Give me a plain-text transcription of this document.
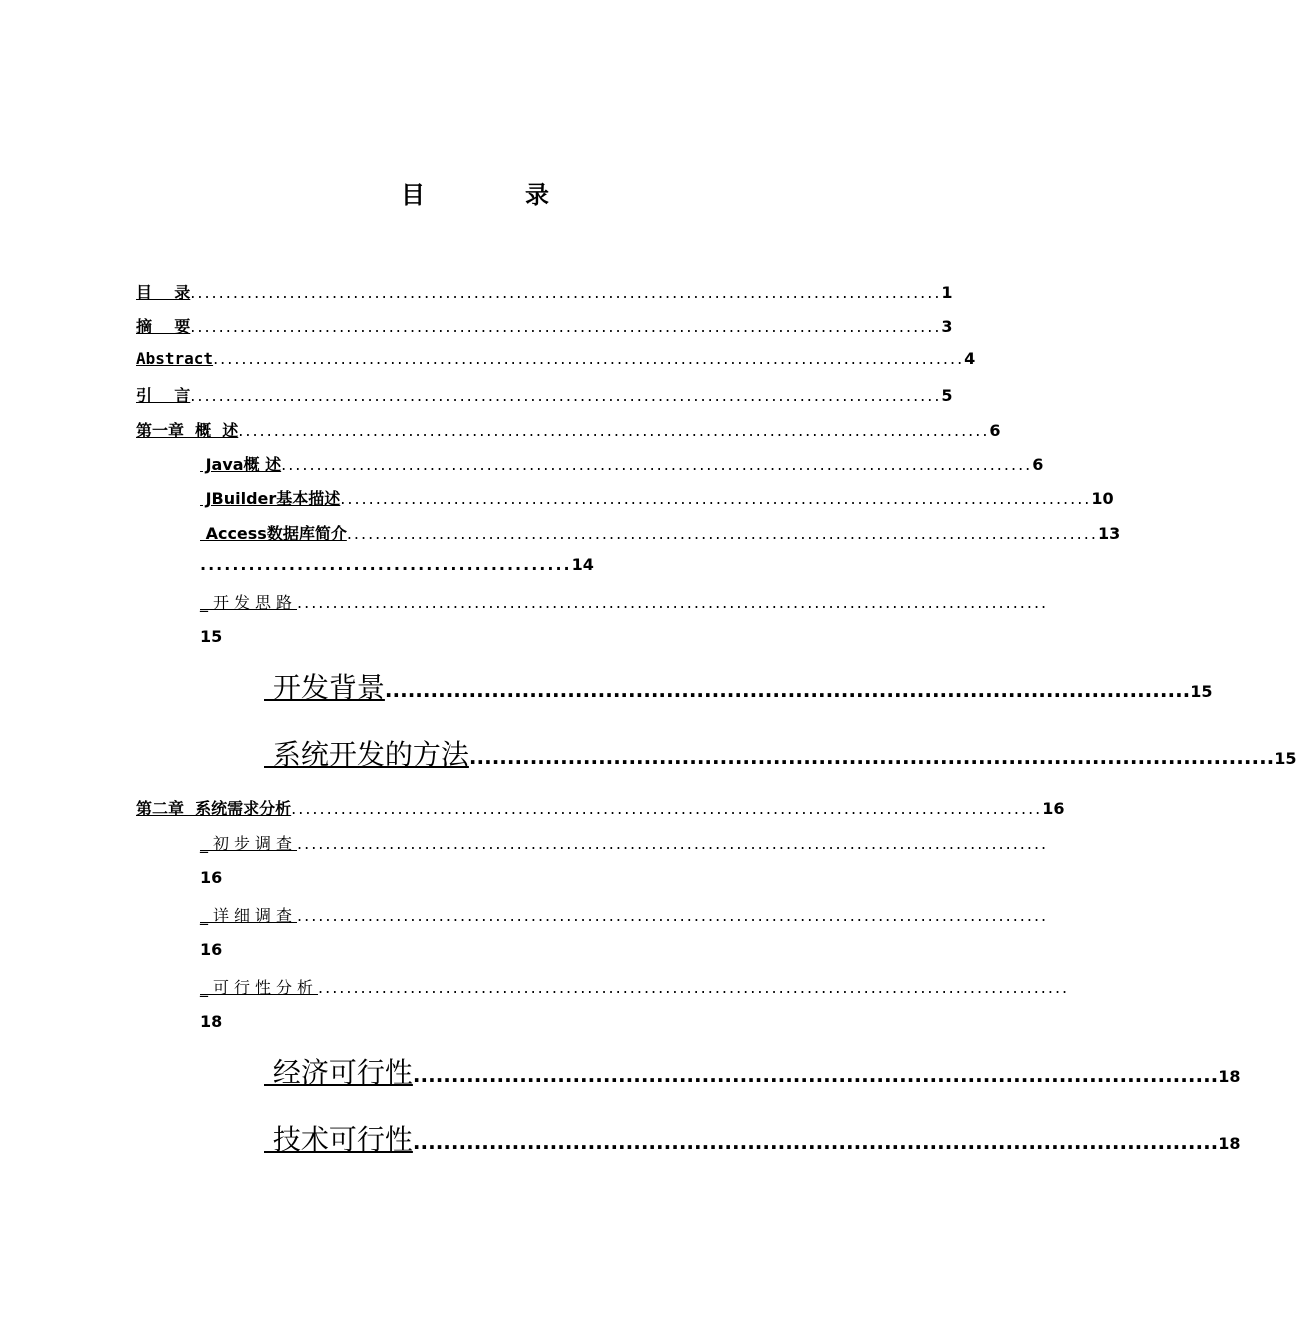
目	录
目    录 .......................................................................................................... 1
摘    要 .......................................................................................................... 3
Abstract .......................................................................................................... 4
引    言 .......................................................................................................... 5
第一章  概  述 .......................................................................................................... 6
Java概 述 .......................................................................................................... 6
JBuilder基本描述 .......................................................................................................... 10
Access数据库简介 .......................................................................................................... 13
..............................................14
_开发思路 ..........................................................................................................
15
开发背景 .......................................................................................................... 15
系统开发的方法 .......................................................................................................... 15
第二章  系统需求分析 .......................................................................................................... 16
_初步调查 ..........................................................................................................
16
_详细调查 ..........................................................................................................
16
_可行性分析 ..........................................................................................................
18
经济可行性 .......................................................................................................... 18
技术可行性 .......................................................................................................... 18
